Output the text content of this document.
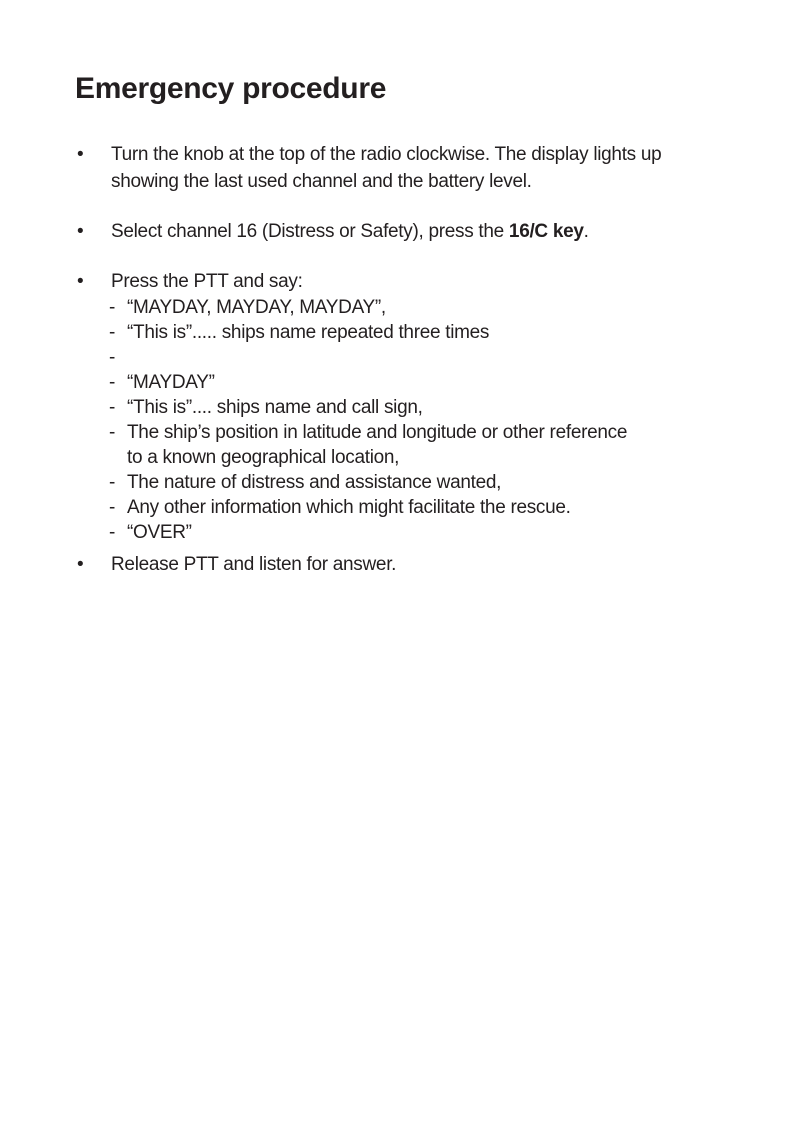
Emergency procedure
•	Turn the knob at the top of the radio clockwise. The display lights up
showing the last used channel and the battery level.
•	Select channel 16 (Distress or Safety), press the 16/C key.
•	Press the PTT and say:
- “MAYDAY, MAYDAY, MAYDAY”,
- “This is”..... ships name repeated three times
-

- “MAYDAY”
- “This is”.... ships name and call sign,
- The ship’s position in latitude and longitude or other reference
to a known geographical location,
- The nature of distress and assistance wanted,
- Any other information which might facilitate the rescue.
- “OVER”
•	Release PTT and listen for answer.
